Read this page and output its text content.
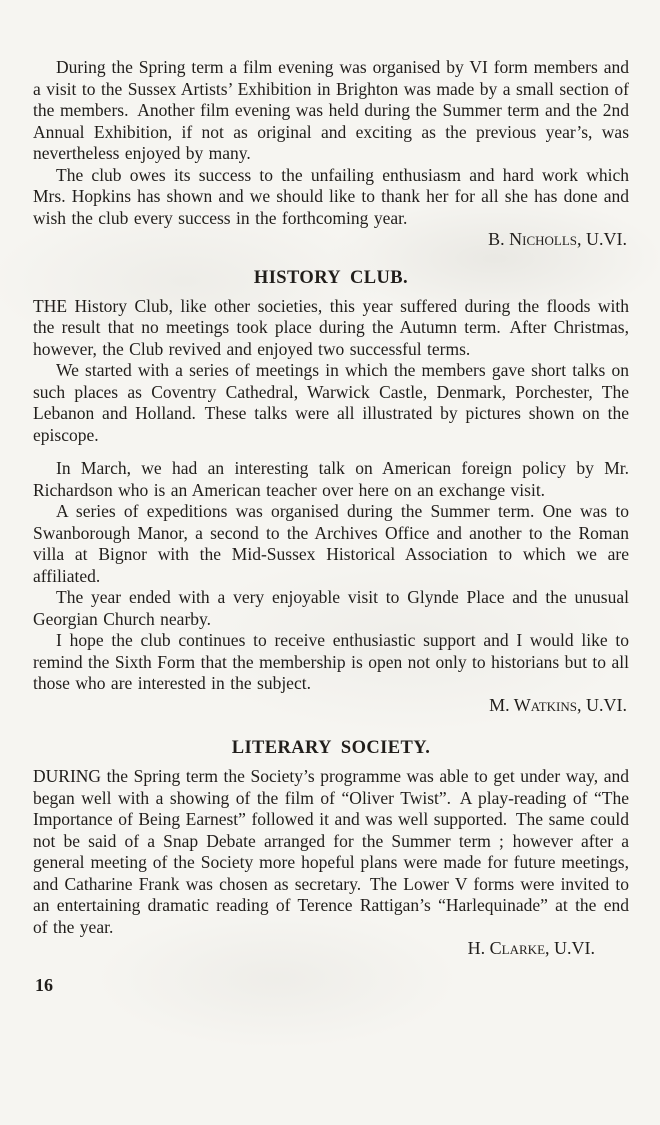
During the Spring term a film evening was organised by VI form members and a visit to the Sussex Artists’ Exhibition in Brighton was made by a small section of the members. Another film evening was held during the Summer term and the 2nd Annual Exhibition, if not as original and exciting as the previous year’s, was nevertheless enjoyed by many.

The club owes its success to the unfailing enthusiasm and hard work which Mrs. Hopkins has shown and we should like to thank her for all she has done and wish the club every success in the forthcoming year.

B. Nicholls, U.VI.

HISTORY CLUB.

THE History Club, like other societies, this year suffered during the floods with the result that no meetings took place during the Autumn term. After Christmas, however, the Club revived and enjoyed two successful terms.

We started with a series of meetings in which the members gave short talks on such places as Coventry Cathedral, Warwick Castle, Denmark, Porchester, The Lebanon and Holland. These talks were all illustrated by pictures shown on the episcope.

In March, we had an interesting talk on American foreign policy by Mr. Richardson who is an American teacher over here on an exchange visit.

A series of expeditions was organised during the Summer term. One was to Swanborough Manor, a second to the Archives Office and another to the Roman villa at Bignor with the Mid-Sussex Historical Association to which we are affiliated.

The year ended with a very enjoyable visit to Glynde Place and the unusual Georgian Church nearby.

I hope the club continues to receive enthusiastic support and I would like to remind the Sixth Form that the membership is open not only to historians but to all those who are interested in the subject.

M. Watkins, U.VI.

LITERARY SOCIETY.

DURING the Spring term the Society’s programme was able to get under way, and began well with a showing of the film of “Oliver Twist”. A play-reading of “The Importance of Being Earnest” followed it and was well supported. The same could not be said of a Snap Debate arranged for the Summer term ; however after a general meeting of the Society more hopeful plans were made for future meetings, and Catharine Frank was chosen as secretary. The Lower V forms were invited to an entertaining dramatic reading of Terence Rattigan’s “Harlequinade” at the end of the year.

H. Clarke, U.VI.

16
